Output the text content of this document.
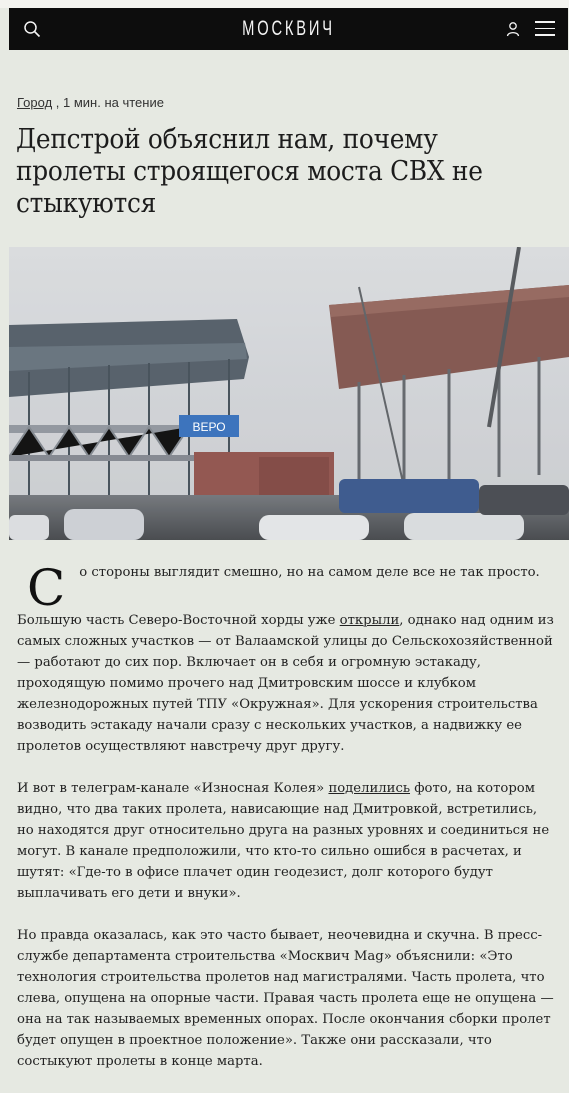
МОСКВИЧ
Город , 1 мин. на чтение
Депстрой объяснил нам, почему пролеты строящегося моста СВХ не стыкуются
ВЕРО

С о стороны выглядит смешно, но на самом деле все не так просто.

Большую часть Северо-Восточной хорды уже открыли, однако над одним из самых сложных участков — от Валаамской улицы до Сельскохозяйственной — работают до сих пор. Включает он в себя и огромную эстакаду, проходящую помимо прочего над Дмитровским шоссе и клубком железнодорожных путей ТПУ «Окружная». Для ускорения строительства возводить эстакаду начали сразу с нескольких участков, а надвижку ее пролетов осуществляют навстречу друг другу.

И вот в телеграм-канале «Износная Колея» поделились фото, на котором видно, что два таких пролета, нависающие над Дмитровкой, встретились, но находятся друг относительно друга на разных уровнях и соединиться не могут. В канале предположили, что кто-то сильно ошибся в расчетах, и шутят: «Где-то в офисе плачет один геодезист, долг которого будут выплачивать его дети и внуки».

Но правда оказалась, как это часто бывает, неочевидна и скучна. В пресс-службе департамента строительства «Москвич Mag» объяснили: «Это технология строительства пролетов над магистралями. Часть пролета, что слева, опущена на опорные части. Правая часть пролета еще не опущена — она на так называемых временных опорах. После окончания сборки пролет будет опущен в проектное положение». Также они рассказали, что состыкуют пролеты в конце марта.
